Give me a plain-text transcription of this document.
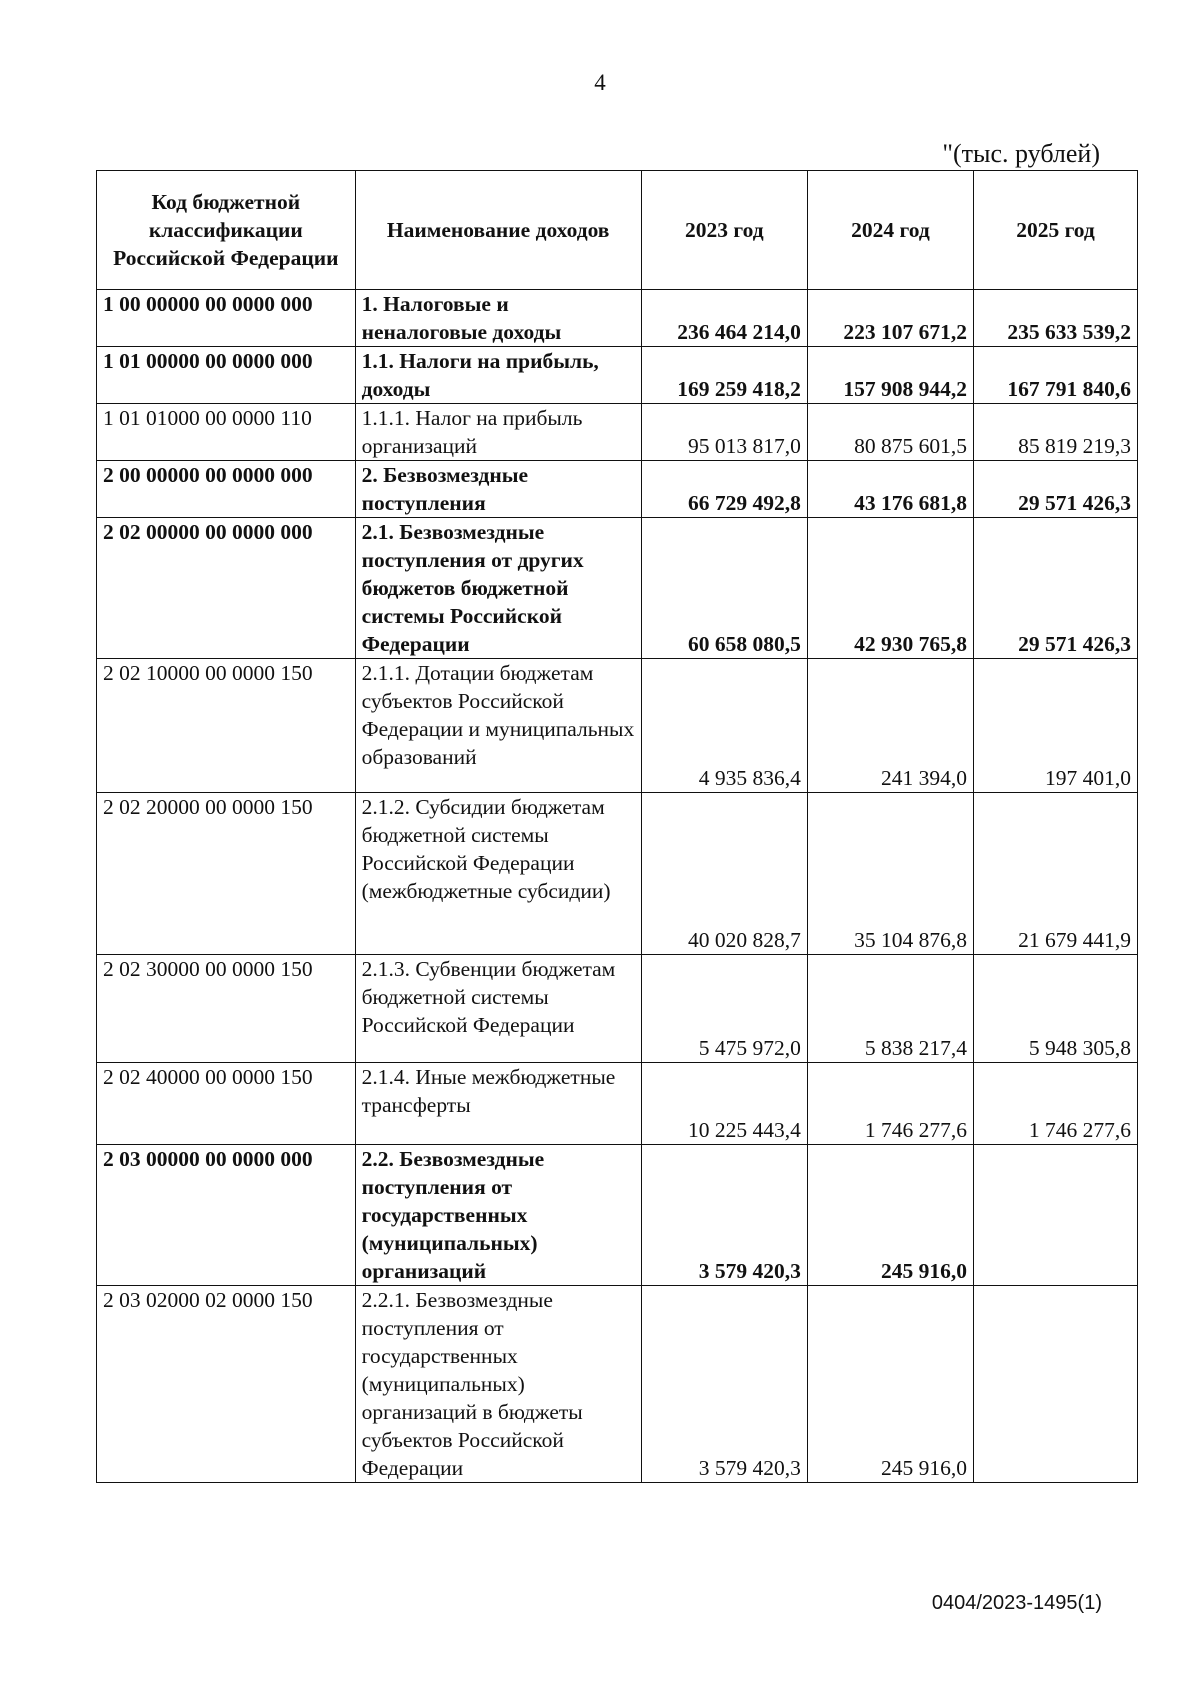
4
"(тыс. рублей)
Код бюджетной классификации Российской Федерации	Наименование доходов	2023 год	2024 год	2025 год
1 00 00000 00 0000 000	1. Налоговые и неналоговые доходы	236 464 214,0	223 107 671,2	235 633 539,2
1 01 00000 00 0000 000	1.1. Налоги на прибыль, доходы	169 259 418,2	157 908 944,2	167 791 840,6
1 01 01000 00 0000 110	1.1.1. Налог на прибыль организаций	95 013 817,0	80 875 601,5	85 819 219,3
2 00 00000 00 0000 000	2. Безвозмездные поступления	66 729 492,8	43 176 681,8	29 571 426,3
2 02 00000 00 0000 000	2.1. Безвозмездные поступления от других бюджетов бюджетной системы Российской Федерации	60 658 080,5	42 930 765,8	29 571 426,3
2 02 10000 00 0000 150	2.1.1. Дотации бюджетам субъектов Российской Федерации и муниципальных образований	4 935 836,4	241 394,0	197 401,0
2 02 20000 00 0000 150	2.1.2. Субсидии бюджетам бюджетной системы Российской Федерации (межбюджетные субсидии)	40 020 828,7	35 104 876,8	21 679 441,9
2 02 30000 00 0000 150	2.1.3. Субвенции бюджетам бюджетной системы Российской Федерации	5 475 972,0	5 838 217,4	5 948 305,8
2 02 40000 00 0000 150	2.1.4. Иные межбюджетные трансферты	10 225 443,4	1 746 277,6	1 746 277,6
2 03 00000 00 0000 000	2.2. Безвозмездные поступления от государственных (муниципальных) организаций	3 579 420,3	245 916,0	
2 03 02000 02 0000 150	2.2.1. Безвозмездные поступления от государственных (муниципальных) организаций в бюджеты субъектов Российской Федерации	3 579 420,3	245 916,0	
0404/2023-1495(1)
